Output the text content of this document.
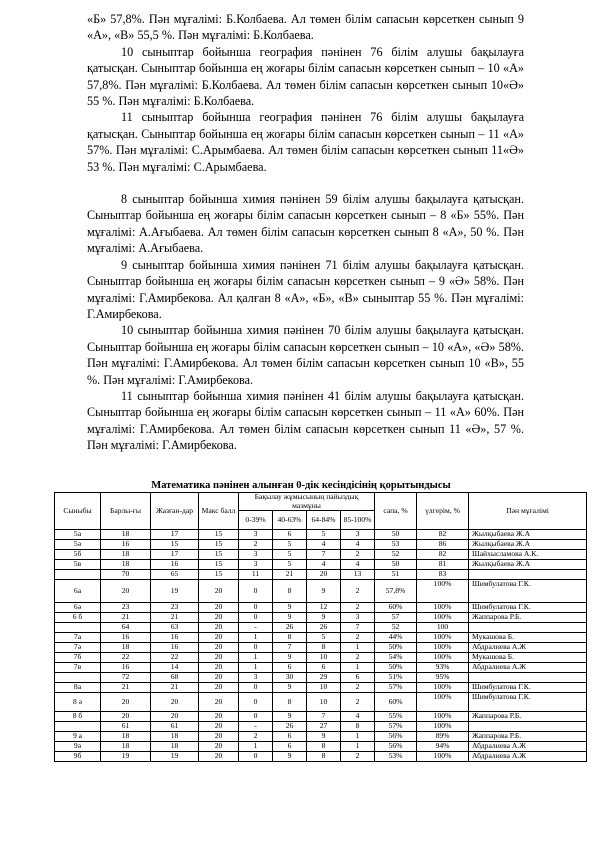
«Б» 57,8%. Пән мұғалімі: Б.Колбаева. Ал төмен білім сапасын көрсеткен сынып 9 «А», «В» 55,5 %. Пән мұғалімі: Б.Колбаева.

10 сыныптар бойынша география пәнінен 76 білім алушы бақылауға қатысқан. Сыныптар бойынша ең жоғары білім сапасын көрсеткен сынып – 10 «А» 57,8%. Пән мұғалімі: Б.Колбаева. Ал төмен білім сапасын көрсеткен сынып 10«Ә» 55 %. Пән мұғалімі: Б.Колбаева.

11 сыныптар бойынша география пәнінен 76 білім алушы бақылауға қатысқан. Сыныптар бойынша ең жоғары білім сапасын көрсеткен сынып – 11 «А» 57%. Пән мұғалімі: С.Арымбаева. Ал төмен білім сапасын көрсеткен сынып 11«Ә» 53 %. Пән мұғалімі: С.Арымбаева.

8 сыныптар бойынша химия пәнінен 59 білім алушы бақылауға қатысқан. Сыныптар бойынша ең жоғары білім сапасын көрсеткен сынып – 8 «Б» 55%. Пән мұғалімі: А.Ағыбаева. Ал төмен білім сапасын көрсеткен сынып 8 «А», 50 %. Пән мұғалімі: А.Ағыбаева.

9 сыныптар бойынша химия пәнінен 71 білім алушы бақылауға қатысқан. Сыныптар бойынша ең жоғары білім сапасын көрсеткен сынып – 9 «Ә» 58%. Пән мұғалімі: Г.Амирбекова. Ал қалған 8 «А», «Б», «В» сыныптар 55 %. Пән мұғалімі: Г.Амирбекова.

10 сыныптар бойынша химия пәнінен 70 білім алушы бақылауға қатысқан. Сыныптар бойынша ең жоғары білім сапасын көрсеткен сынып – 10 «А», «Ә» 58%. Пән мұғалімі: Г.Амирбекова. Ал төмен білім сапасын көрсеткен сынып 10 «В», 55 %. Пән мұғалімі: Г.Амирбекова.

11 сыныптар бойынша химия пәнінен 41 білім алушы бақылауға қатысқан. Сыныптар бойынша ең жоғары білім сапасын көрсеткен сынып – 11 «А» 60%. Пән мұғалімі: Г.Амирбекова. Ал төмен білім сапасын көрсеткен сынып 11 «Ә», 57 %. Пән мұғалімі: Г.Амирбекова.

Математика пәнінен алынған 0-дік кесіндісінің қорытындысы
Сыныбы	Барлы-ғы	Жазған-дар	Макс балл	Бақылау жұмысының пайыздық мазмұны				сапа, %	үлгерім, %	Пән мұғалімі
				0-39%	40-63%	64-84%	85-100%			
5а	18	17	15	3	6	5	3	50	82	Жылқыбаева Ж.А
5ә	16	15	15	2	5	4	4	53	86	Жылқыбаева Ж.А
5б	18	17	15	3	5	7	2	52	82	Шайхысламова А.К.
5в	18	16	15	3	5	4	4	50	81	Жылқыбаева Ж.А
	70	65	15	11	21	20	13	51	83	
6а	20	19	20	0	8	9	2	57,8%	100%	Шимбулатова Г.К.
6ә	23	23	20	0	9	12	2	60%	100%	Шимбулатова Г.К.
6 б	21	21	20	0	9	9	3	57	100%	Жаппарова Р.Б.
	64	63	20	-	26	26	7	52	100	
7а	16	16	20	1	8	5	2	44%	100%	Мукашова Б.
7ә	18	16	20	0	7	8	1	50%	100%	Абдралиева А.Ж
7б	22	22	20	1	9	10	2	54%	100%	Мукашова Б.
7в	16	14	20	1	6	6	1	50%	93%	Абдралиева А.Ж
	72	68	20	3	30	29	6	51%	95%	
8а	21	21	20	0	9	10	2	57%	100%	Шимбулатова Г.К.
8 ә	20	20	20	0	8	10	2	60%	100%	Шимбулатова Г.К.
8 б	20	20	20	0	9	7	4	55%	100%	Жаппарова Р.Б.
	61	61	20	-	26	27	8	57%	100%	
9 а	18	18	20	2	6	9	1	56%	89%	Жаппарова Р.Б.
9ә	18	18	20	1	6	8	1	56%	94%	Абдралиева А.Ж
9б	19	19	20	0	9	8	2	53%	100%	Абдралиева А.Ж
